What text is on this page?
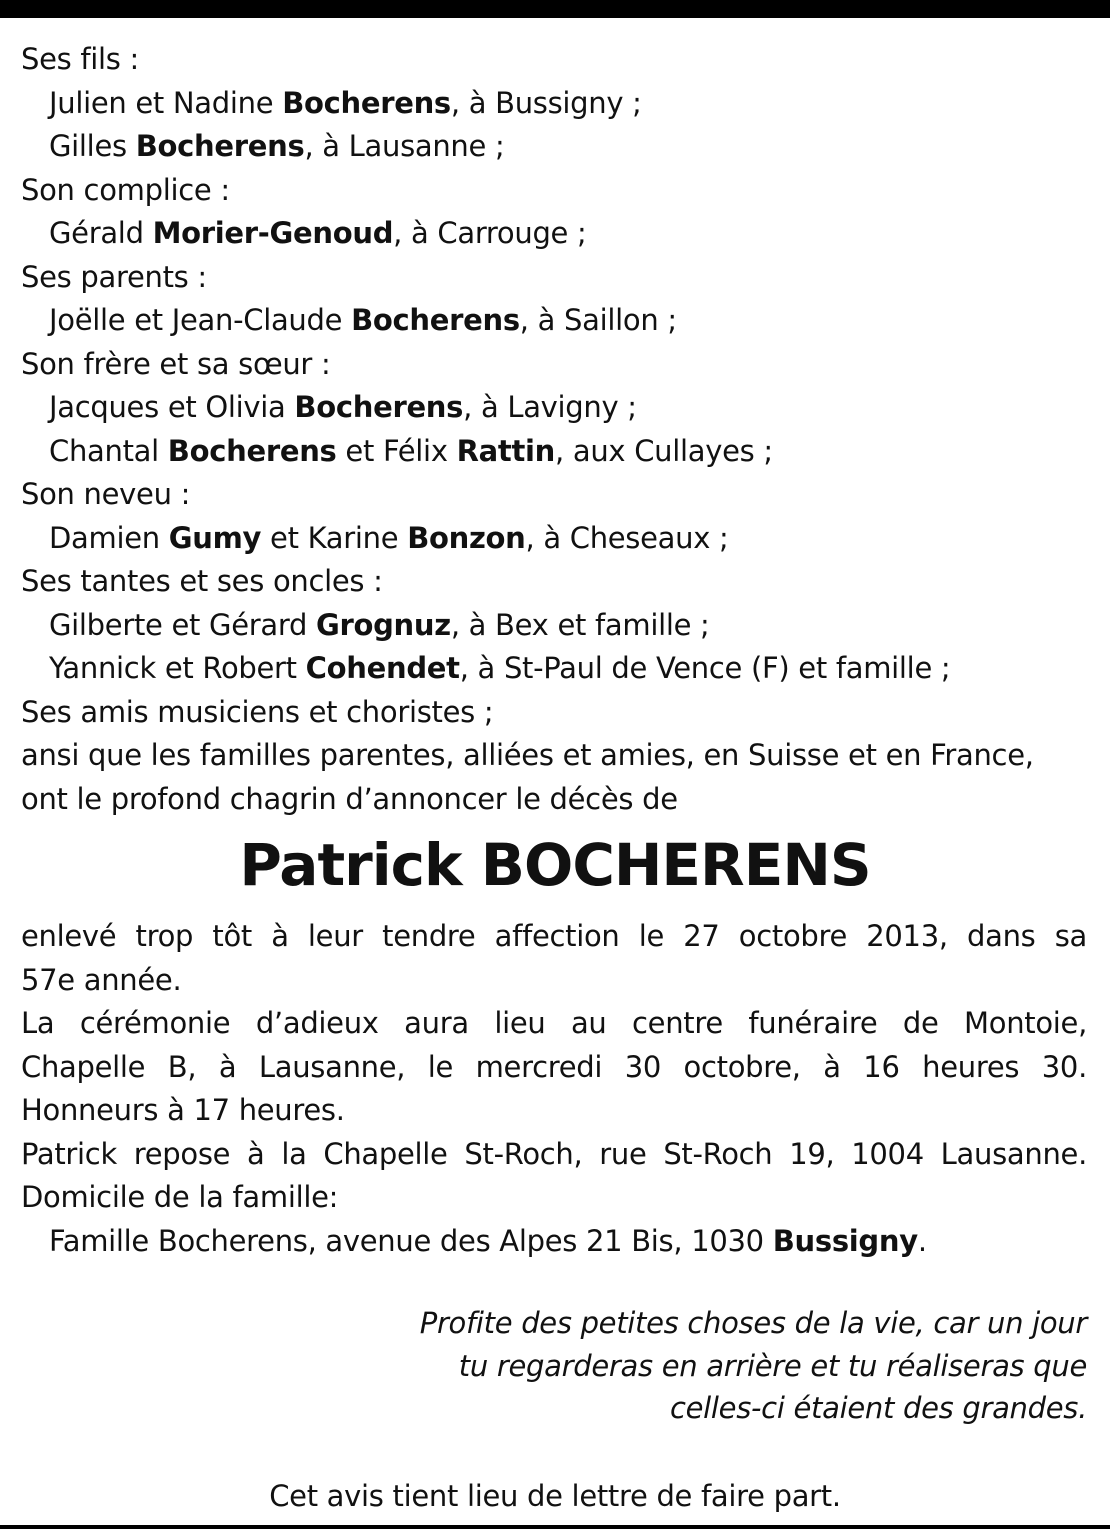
Ses fils :
Julien et Nadine Bocherens, à Bussigny ;
Gilles Bocherens, à Lausanne ;
Son complice :
Gérald Morier-Genoud, à Carrouge ;
Ses parents :
Joëlle et Jean-Claude Bocherens, à Saillon ;
Son frère et sa sœur :
Jacques et Olivia Bocherens, à Lavigny ;
Chantal Bocherens et Félix Rattin, aux Cullayes ;
Son neveu :
Damien Gumy et Karine Bonzon, à Cheseaux ;
Ses tantes et ses oncles :
Gilberte et Gérard Grognuz, à Bex et famille ;
Yannick et Robert Cohendet, à St-Paul de Vence (F) et famille ;
Ses amis musiciens et choristes ;
ansi que les familles parentes, alliées et amies, en Suisse et en France,
ont le profond chagrin d’annoncer le décès de
Patrick BOCHERENS
enlevé trop tôt à leur tendre affection le 27 octobre 2013, dans sa
57e année.
La cérémonie d’adieux aura lieu au centre funéraire de Montoie,
Chapelle B, à Lausanne, le mercredi 30 octobre, à 16 heures 30.
Honneurs à 17 heures.
Patrick repose à la Chapelle St-Roch, rue St-Roch 19, 1004 Lausanne.
Domicile de la famille:
Famille Bocherens, avenue des Alpes 21 Bis, 1030 Bussigny.
Profite des petites choses de la vie, car un jour
tu regarderas en arrière et tu réaliseras que
celles-ci étaient des grandes.
Cet avis tient lieu de lettre de faire part.
